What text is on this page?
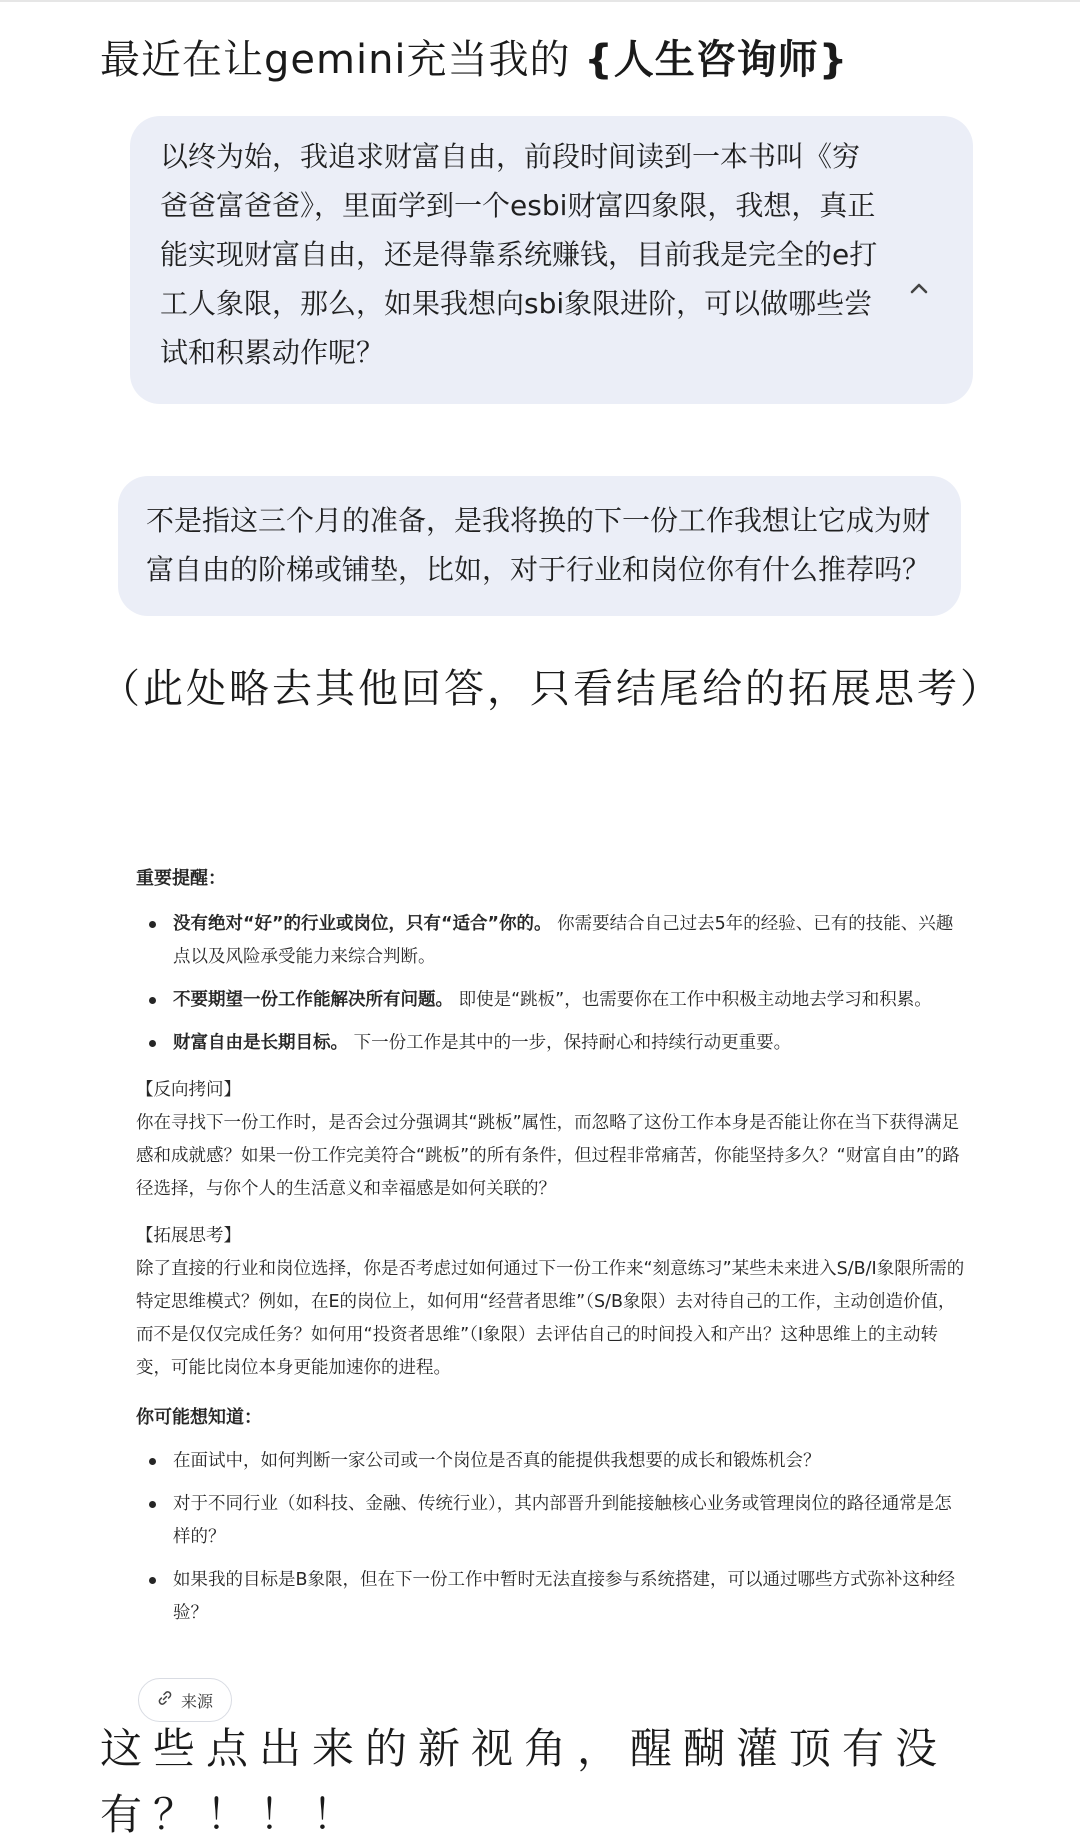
最近在让gemini充当我的 {人生咨询师}

以终为始，我追求财富自由，前段时间读到一本书叫《穷爸爸富爸爸》，里面学到一个esbi财富四象限，我想，真正能实现财富自由，还是得靠系统赚钱，目前我是完全的e打工人象限，那么，如果我想向sbi象限进阶，可以做哪些尝试和积累动作呢？

不是指这三个月的准备，是我将换的下一份工作我想让它成为财富自由的阶梯或铺垫，比如，对于行业和岗位你有什么推荐吗？

（此处略去其他回答，只看结尾给的拓展思考）

重要提醒：
没有绝对“好”的行业或岗位，只有“适合”你的。 你需要结合自己过去5年的经验、已有的技能、兴趣点以及风险承受能力来综合判断。
不要期望一份工作能解决所有问题。 即使是“跳板”，也需要你在工作中积极主动地去学习和积累。
财富自由是长期目标。 下一份工作是其中的一步，保持耐心和持续行动更重要。

【反向拷问】

你在寻找下一份工作时，是否会过分强调其“跳板”属性，而忽略了这份工作本身是否能让你在当下获得满足感和成就感？如果一份工作完美符合“跳板”的所有条件，但过程非常痛苦，你能坚持多久？“财富自由”的路径选择，与你个人的生活意义和幸福感是如何关联的？

【拓展思考】

除了直接的行业和岗位选择，你是否考虑过如何通过下一份工作来“刻意练习”某些未来进入S/B/I象限所需的特定思维模式？例如，在E的岗位上，如何用“经营者思维”（S/B象限）去对待自己的工作，主动创造价值，而不是仅仅完成任务？如何用“投资者思维”（I象限）去评估自己的时间投入和产出？这种思维上的主动转变，可能比岗位本身更能加速你的进程。

你可能想知道：
在面试中，如何判断一家公司或一个岗位是否真的能提供我想要的成长和锻炼机会？
对于不同行业（如科技、金融、传统行业），其内部晋升到能接触核心业务或管理岗位的路径通常是怎样的？
如果我的目标是B象限，但在下一份工作中暂时无法直接参与系统搭建，可以通过哪些方式弥补这种经验？
来源

这些点出来的新视角，醒醐灌顶有没有？！！！
